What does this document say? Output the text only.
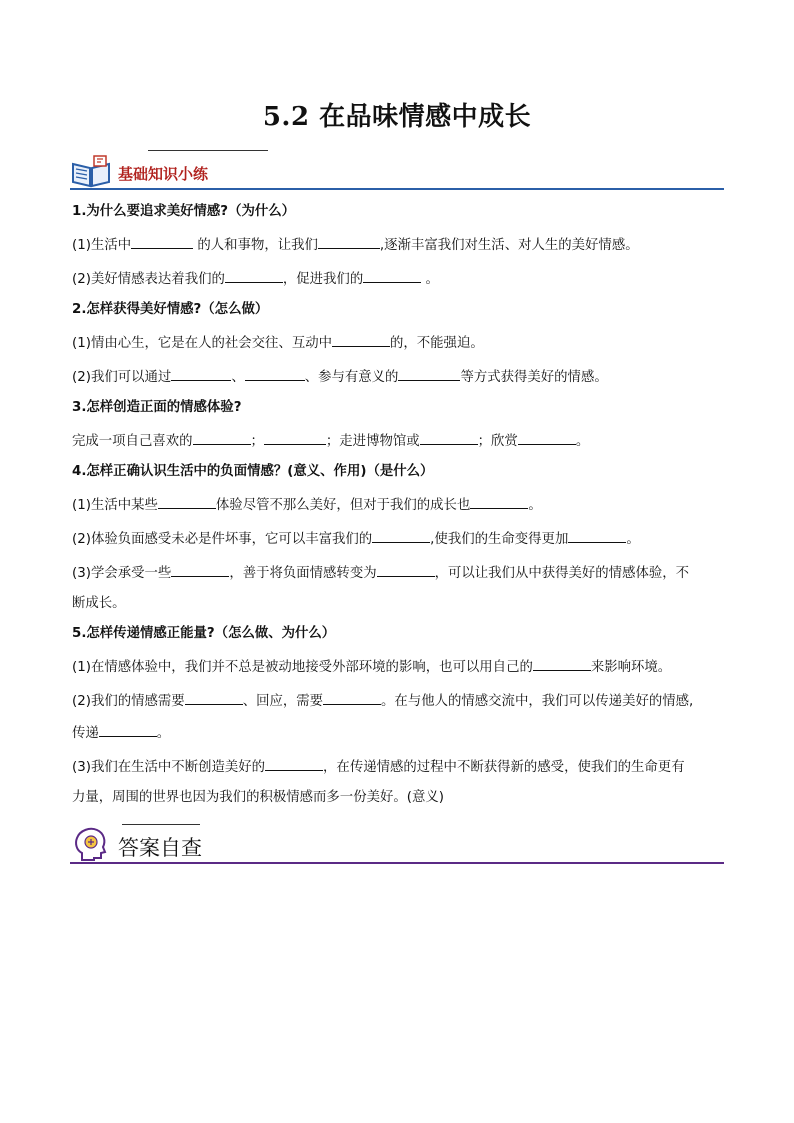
5.2 在品味情感中成长
基础知识小练

1.为什么要追求美好情感?（为什么）

(1)生活中	的人和事物，让我们	,逐渐丰富我们对生活、对人生的美好情感。

(2)美好情感表达着我们的	，促进我们的	。

2.怎样获得美好情感?（怎么做）

(1)情由心生，它是在人的社会交往、互动中	的，不能强迫。

(2)我们可以通过	、	、参与有意义的	等方式获得美好的情感。

3.怎样创造正面的情感体验?

完成一项自己喜欢的	；	；走进博物馆或	；欣赏	。

4.怎样正确认识生活中的负面情感？(意义、作用)（是什么）

(1)生活中某些	体验尽管不那么美好，但对于我们的成长也	。

(2)体验负面感受未必是件坏事，它可以丰富我们的	,使我们的生命变得更加	。

(3)学会承受一些	，善于将负面情感转变为	，可以让我们从中获得美好的情感体验，不

断成长。

5.怎样传递情感正能量?（怎么做、为什么）

(1)在情感体验中，我们并不总是被动地接受外部环境的影响，也可以用自己的	来影响环境。

(2)我们的情感需要	、回应，需要	。在与他人的情感交流中，我们可以传递美好的情感,

传递	。

(3)我们在生活中不断创造美好的	，在传递情感的过程中不断获得新的感受，使我们的生命更有

力量，周围的世界也因为我们的积极情感而多一份美好。(意义)

答案自查
